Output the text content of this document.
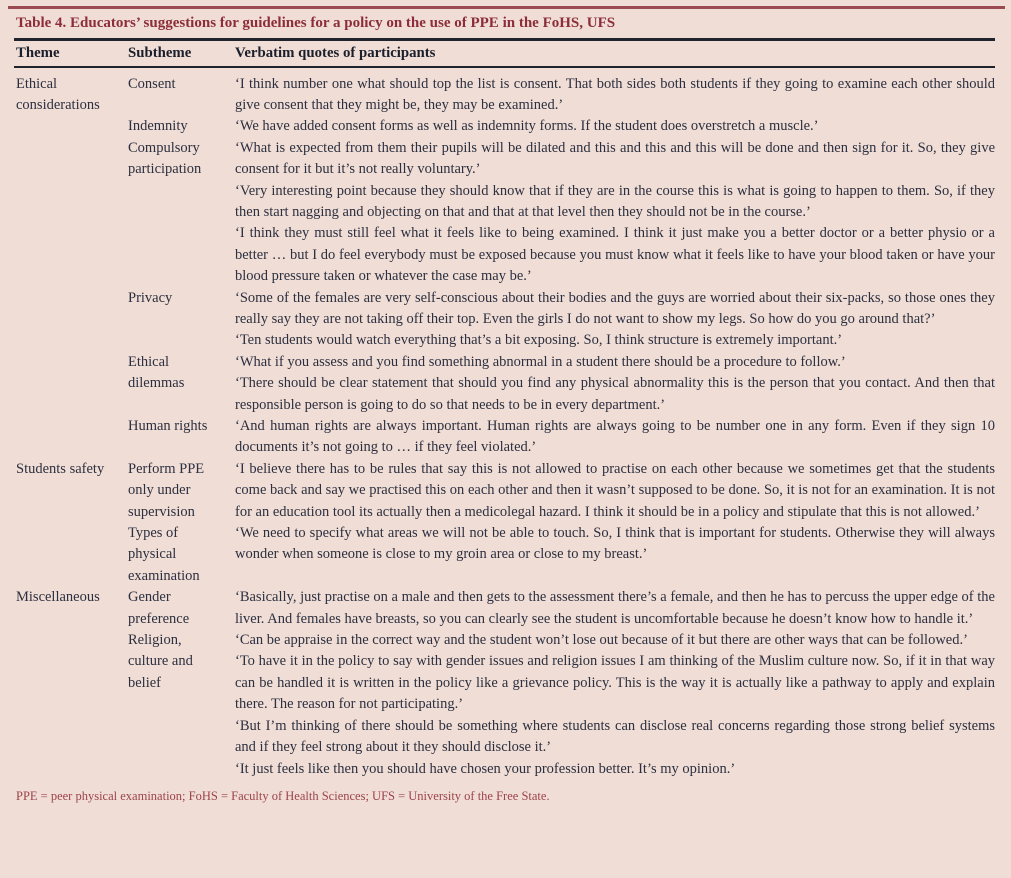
Table 4. Educators’ suggestions for guidelines for a policy on the use of PPE in the FoHS, UFS
Theme	Subtheme	Verbatim quotes of participants
Ethical considerations	Consent	‘I think number one what should top the list is consent. That both sides both students if they going to examine each other should give consent that they might be, they may be examined.’

	Indemnity	‘We have added consent forms as well as indemnity forms. If the student does overstretch a muscle.’

	Compulsory participation	‘What is expected from them their pupils will be dilated and this and this and this will be done and then sign for it. So, they give consent for it but it’s not really voluntary.’

‘Very interesting point because they should know that if they are in the course this is what is going to happen to them. So, if they then start nagging and objecting on that and that at that level then they should not be in the course.’

‘I think they must still feel what it feels like to being examined. I think it just make you a better doctor or a better physio or a better … but I do feel everybody must be exposed because you must know what it feels like to have your blood taken or have your blood pressure taken or whatever the case may be.’

	Privacy	‘Some of the females are very self-conscious about their bodies and the guys are worried about their six-packs, so those ones they really say they are not taking off their top. Even the girls I do not want to show my legs. So how do you go around that?’

‘Ten students would watch everything that’s a bit exposing. So, I think structure is extremely important.’

	Ethical dilemmas	‘What if you assess and you find something abnormal in a student there should be a procedure to follow.’

‘There should be clear statement that should you find any physical abnormality this is the person that you contact. And then that responsible person is going to do so that needs to be in every department.’

	Human rights	‘And human rights are always important. Human rights are always going to be number one in any form. Even if they sign 10 documents it’s not going to … if they feel violated.’

Students safety	Perform PPE only under supervision	‘I believe there has to be rules that say this is not allowed to practise on each other because we sometimes get that the students come back and say we practised this on each other and then it wasn’t supposed to be done. So, it is not for an examination. It is not for an education tool its actually then a medicolegal hazard. I think it should be in a policy and stipulate that this is not allowed.’

	Types of physical examination	‘We need to specify what areas we will not be able to touch. So, I think that is important for students. Otherwise they will always wonder when someone is close to my groin area or close to my breast.’

Miscellaneous	Gender preference	‘Basically, just practise on a male and then gets to the assessment there’s a female, and then he has to percuss the upper edge of the liver. And females have breasts, so you can clearly see the student is uncomfortable because he doesn’t know how to handle it.’

	Religion, culture and belief	‘Can be appraise in the correct way and the student won’t lose out because of it but there are other ways that can be followed.’

‘To have it in the policy to say with gender issues and religion issues I am thinking of the Muslim culture now. So, if it in that way can be handled it is written in the policy like a grievance policy. This is the way it is actually like a pathway to apply and explain there. The reason for not participating.’

‘But I’m thinking of there should be something where students can disclose real concerns regarding those strong belief systems and if they feel strong about it they should disclose it.’

‘It just feels like then you should have chosen your profession better. It’s my opinion.’

PPE = peer physical examination; FoHS = Faculty of Health Sciences; UFS = University of the Free State.
